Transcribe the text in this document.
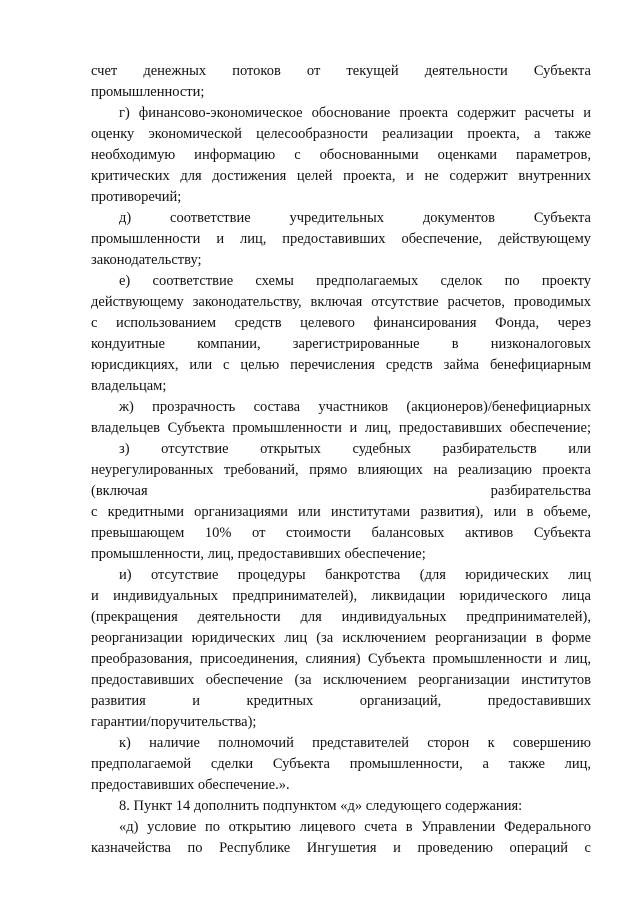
счет денежных потоков от текущей деятельности Субъекта
промышленности;
г) финансово-экономическое обоснование проекта содержит расчеты и
оценку экономической целесообразности реализации проекта, а также
необходимую информацию с обоснованными оценками параметров,
критических для достижения целей проекта, и не содержит внутренних
противоречий;
д) соответствие учредительных документов Субъекта
промышленности и лиц, предоставивших обеспечение, действующему
законодательству;
е) соответствие схемы предполагаемых сделок по проекту
действующему законодательству, включая отсутствие расчетов, проводимых
с использованием средств целевого финансирования Фонда, через
кондуитные компании, зарегистрированные в низконалоговых
юрисдикциях, или с целью перечисления средств займа бенефициарным
владельцам;
ж) прозрачность состава участников (акционеров)/бенефициарных
владельцев Субъекта промышленности и лиц, предоставивших обеспечение;
з) отсутствие открытых судебных разбирательств или
неурегулированных требований, прямо влияющих на реализацию проекта
(включая разбирательства
с кредитными организациями или институтами развития), или в объеме,
превышающем 10% от стоимости балансовых активов Субъекта
промышленности, лиц, предоставивших обеспечение;
и) отсутствие процедуры банкротства (для юридических лиц
и индивидуальных предпринимателей), ликвидации юридического лица
(прекращения деятельности для индивидуальных предпринимателей),
реорганизации юридических лиц (за исключением реорганизации в форме
преобразования, присоединения, слияния) Субъекта промышленности и лиц,
предоставивших обеспечение (за исключением реорганизации институтов
развития и кредитных организаций, предоставивших
гарантии/поручительства);
к) наличие полномочий представителей сторон к совершению
предполагаемой сделки Субъекта промышленности, а также лиц,
предоставивших обеспечение.».
8. Пункт 14 дополнить подпунктом «д» следующего содержания:
«д) условие по открытию лицевого счета в Управлении Федерального
казначейства по Республике Ингушетия и проведению операций с
